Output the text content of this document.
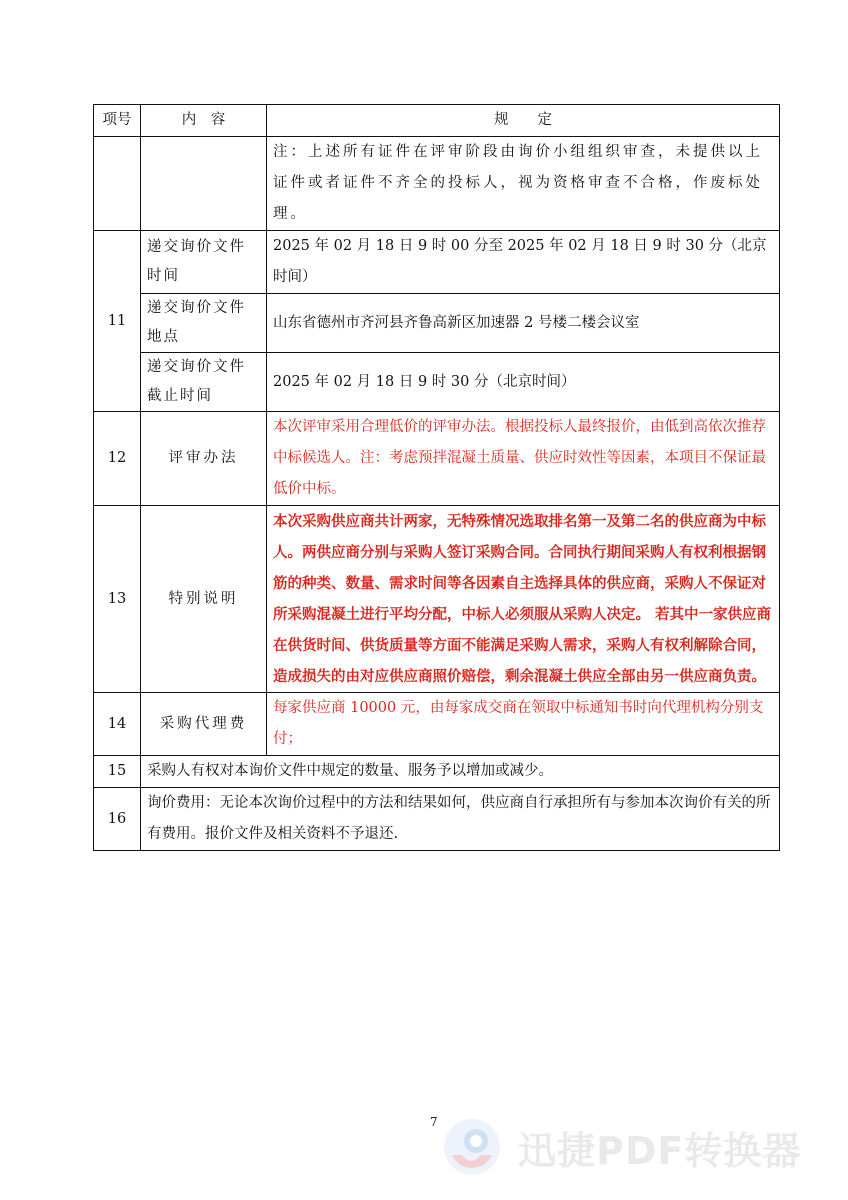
项号	内　容	规　　定
		注：上述所有证件在评审阶段由询价小组组织审查，未提供以上证件或者证件不齐全的投标人，视为资格审查不合格，作废标处理。
11	递交询价文件时间	2025 年 02 月 18 日 9 时 00 分至 2025 年 02 月 18 日 9 时 30 分（北京时间）
	递交询价文件地点	山东省德州市齐河县齐鲁高新区加速器 2 号楼二楼会议室
	递交询价文件截止时间	2025 年 02 月 18 日 9 时 30 分（北京时间）
12	评审办法	本次评审采用合理低价的评审办法。根据投标人最终报价，由低到高依次推荐中标候选人。注：考虑预拌混凝土质量、供应时效性等因素，本项目不保证最低价中标。
13	特别说明	本次采购供应商共计两家，无特殊情况选取排名第一及第二名的供应商为中标人。两供应商分别与采购人签订采购合同。合同执行期间采购人有权利根据钢筋的种类、数量、需求时间等各因素自主选择具体的供应商，采购人不保证对所采购混凝土进行平均分配，中标人必须服从采购人决定。 若其中一家供应商在供货时间、供货质量等方面不能满足采购人需求，采购人有权利解除合同，造成损失的由对应供应商照价赔偿，剩余混凝土供应全部由另一供应商负责。
14	采购代理费	每家供应商 10000 元，由每家成交商在领取中标通知书时向代理机构分别支付；
15	采购人有权对本询价文件中规定的数量、服务予以增加或减少。	
16	询价费用：无论本次询价过程中的方法和结果如何，供应商自行承担所有与参加本次询价有关的所有费用。报价文件及相关资料不予退还.	
7
迅捷PDF转换器
